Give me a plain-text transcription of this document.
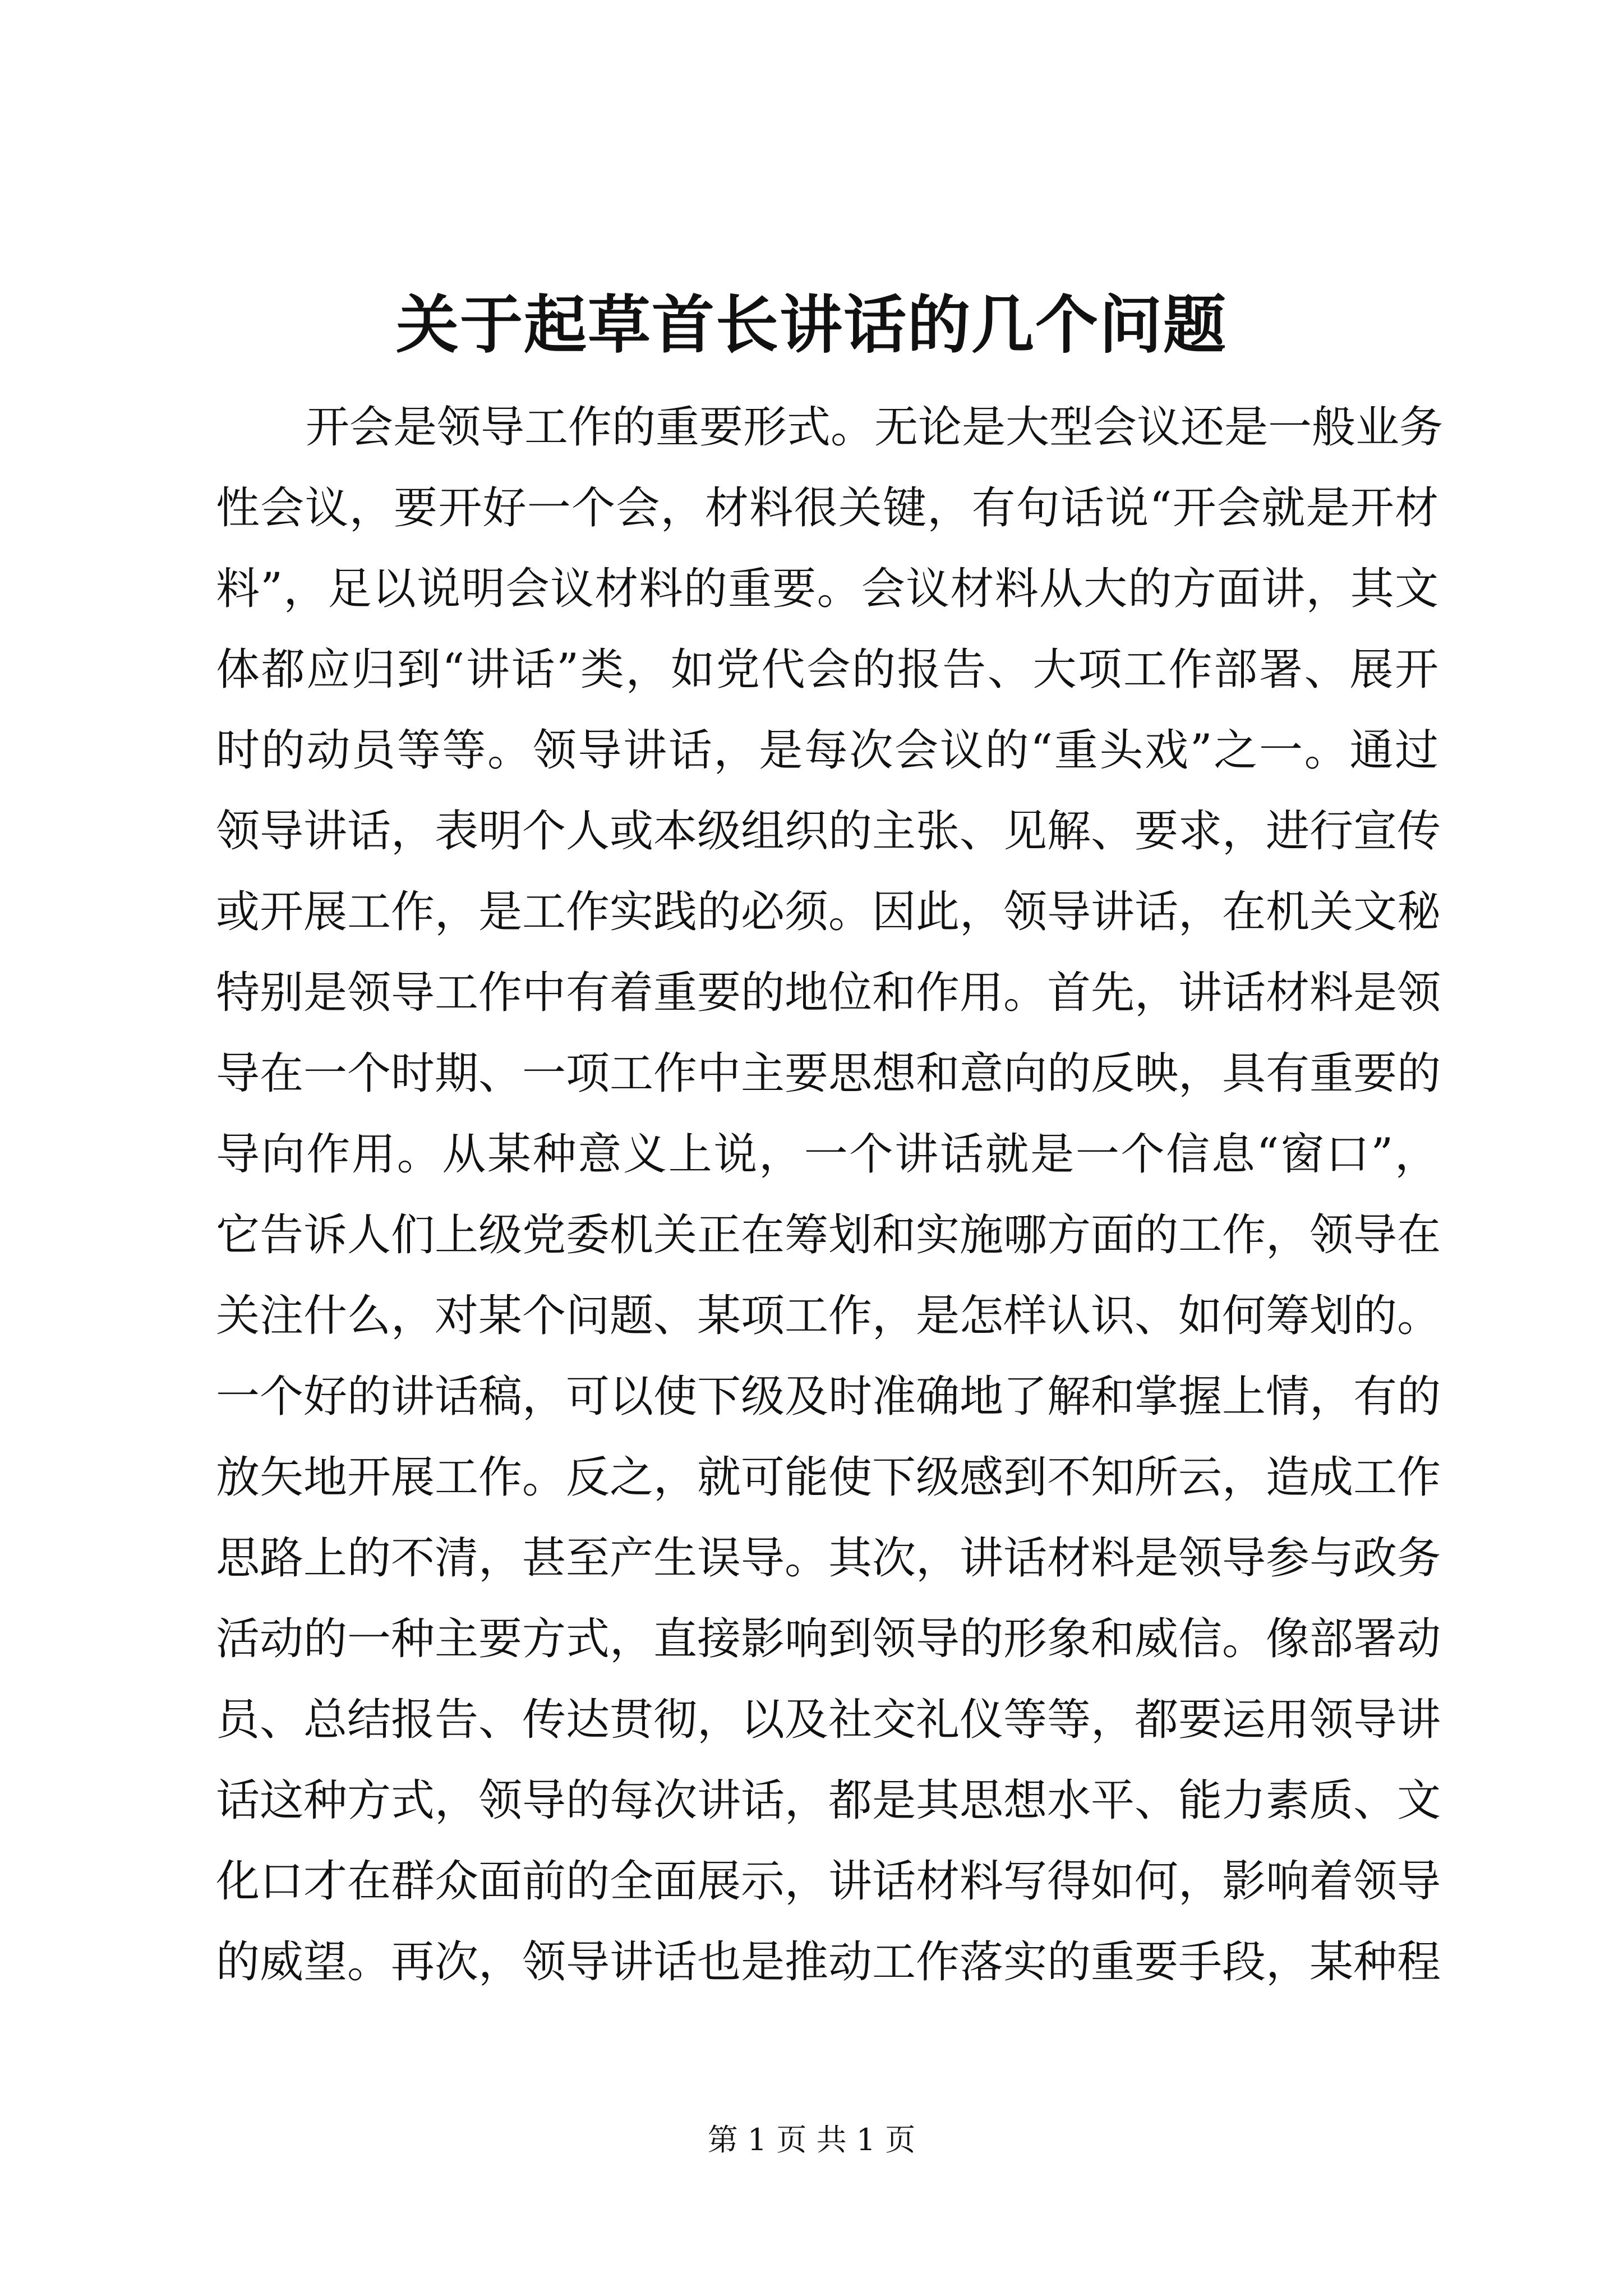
关于起草首长讲话的几个问题
开会是领导工作的重要形式。无论是大型会议还是一般业务
性会议，要开好一个会，材料很关键，有句话说“开会就是开材
料”，足以说明会议材料的重要。会议材料从大的方面讲，其文
体都应归到“讲话”类，如党代会的报告、大项工作部署、展开
时的动员等等。领导讲话，是每次会议的“重头戏”之一。通过
领导讲话，表明个人或本级组织的主张、见解、要求，进行宣传
或开展工作，是工作实践的必须。因此，领导讲话，在机关文秘
特别是领导工作中有着重要的地位和作用。首先，讲话材料是领
导在一个时期、一项工作中主要思想和意向的反映，具有重要的
导向作用。从某种意义上说，一个讲话就是一个信息“窗口”，
它告诉人们上级党委机关正在筹划和实施哪方面的工作，领导在
关注什么，对某个问题、某项工作，是怎样认识、如何筹划的。
一个好的讲话稿，可以使下级及时准确地了解和掌握上情，有的
放矢地开展工作。反之，就可能使下级感到不知所云，造成工作
思路上的不清，甚至产生误导。其次，讲话材料是领导参与政务
活动的一种主要方式，直接影响到领导的形象和威信。像部署动
员、总结报告、传达贯彻，以及社交礼仪等等，都要运用领导讲
话这种方式，领导的每次讲话，都是其思想水平、能力素质、文
化口才在群众面前的全面展示，讲话材料写得如何，影响着领导
的威望。再次，领导讲话也是推动工作落实的重要手段，某种程
第 1 页 共 1 页
